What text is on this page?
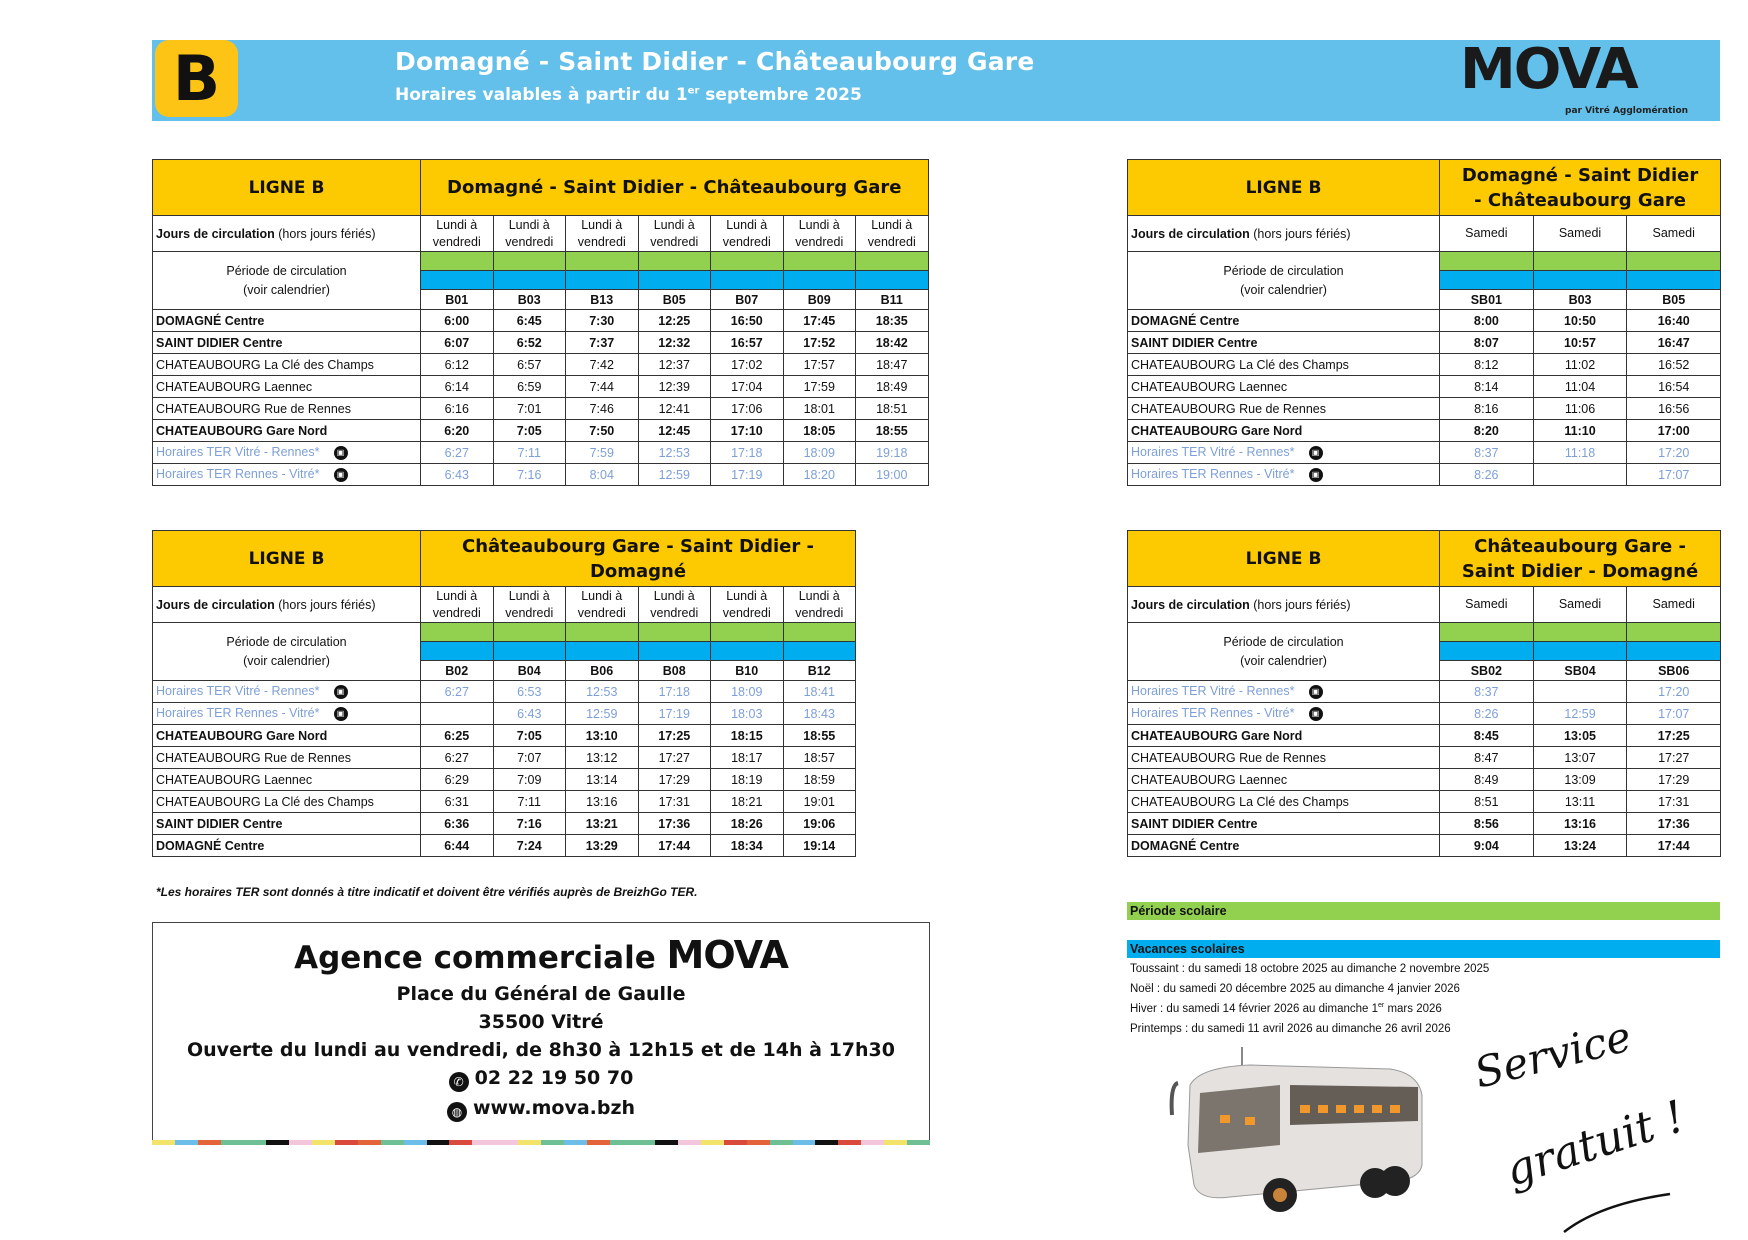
B	Domagné - Saint Didier - Châteaubourg Gare
Horaires valables à partir du 1er septembre 2025	MOVA
par Vitré Agglomération
LIGNE B	Domagné - Saint Didier - Châteaubourg Gare						
Jours de circulation (hors jours fériés)	Lundi à vendredi	Lundi à vendredi	Lundi à vendredi	Lundi à vendredi	Lundi à vendredi	Lundi à vendredi	Lundi à vendredi
Période de circulation
(voir calendrier)							

	B01	B03	B13	B05	B07	B09	B11
DOMAGNÉ Centre	6:00	6:45	7:30	12:25	16:50	17:45	18:35
SAINT DIDIER Centre	6:07	6:52	7:37	12:32	16:57	17:52	18:42
CHATEAUBOURG La Clé des Champs	6:12	6:57	7:42	12:37	17:02	17:57	18:47
CHATEAUBOURG Laennec	6:14	6:59	7:44	12:39	17:04	17:59	18:49
CHATEAUBOURG Rue de Rennes	6:16	7:01	7:46	12:41	17:06	18:01	18:51
CHATEAUBOURG Gare Nord	6:20	7:05	7:50	12:45	17:10	18:05	18:55
Horaires TER Vitré - Rennes* ▣	6:27	7:11	7:59	12:53	17:18	18:09	19:18
Horaires TER Rennes - Vitré* ▣	6:43	7:16	8:04	12:59	17:19	18:20	19:00
LIGNE B	Domagné - Saint Didier - Châteaubourg Gare		
Jours de circulation (hors jours fériés)	Samedi	Samedi	Samedi
Période de circulation
(voir calendrier)			

	SB01	B03	B05
DOMAGNÉ Centre	8:00	10:50	16:40
SAINT DIDIER Centre	8:07	10:57	16:47
CHATEAUBOURG La Clé des Champs	8:12	11:02	16:52
CHATEAUBOURG Laennec	8:14	11:04	16:54
CHATEAUBOURG Rue de Rennes	8:16	11:06	16:56
CHATEAUBOURG Gare Nord	8:20	11:10	17:00
Horaires TER Vitré - Rennes* ▣	8:37	11:18	17:20
Horaires TER Rennes - Vitré* ▣	8:26		17:07
LIGNE B	Châteaubourg Gare - Saint Didier - Domagné					
Jours de circulation (hors jours fériés)	Lundi à vendredi	Lundi à vendredi	Lundi à vendredi	Lundi à vendredi	Lundi à vendredi	Lundi à vendredi
Période de circulation
(voir calendrier)						

	B02	B04	B06	B08	B10	B12
Horaires TER Vitré - Rennes* ▣	6:27	6:53	12:53	17:18	18:09	18:41
Horaires TER Rennes - Vitré* ▣		6:43	12:59	17:19	18:03	18:43
CHATEAUBOURG Gare Nord	6:25	7:05	13:10	17:25	18:15	18:55
CHATEAUBOURG Rue de Rennes	6:27	7:07	13:12	17:27	18:17	18:57
CHATEAUBOURG Laennec	6:29	7:09	13:14	17:29	18:19	18:59
CHATEAUBOURG La Clé des Champs	6:31	7:11	13:16	17:31	18:21	19:01
SAINT DIDIER Centre	6:36	7:16	13:21	17:36	18:26	19:06
DOMAGNÉ Centre	6:44	7:24	13:29	17:44	18:34	19:14
LIGNE B	Châteaubourg Gare - Saint Didier - Domagné		
Jours de circulation (hors jours fériés)	Samedi	Samedi	Samedi
Période de circulation
(voir calendrier)			

	SB02	SB04	SB06
Horaires TER Vitré - Rennes* ▣	8:37		17:20
Horaires TER Rennes - Vitré* ▣	8:26	12:59	17:07
CHATEAUBOURG Gare Nord	8:45	13:05	17:25
CHATEAUBOURG Rue de Rennes	8:47	13:07	17:27
CHATEAUBOURG Laennec	8:49	13:09	17:29
CHATEAUBOURG La Clé des Champs	8:51	13:11	17:31
SAINT DIDIER Centre	8:56	13:16	17:36
DOMAGNÉ Centre	9:04	13:24	17:44
*Les horaires TER sont donnés à titre indicatif et doivent être vérifiés auprès de BreizhGo TER.
Agence commerciale MOVA
Place du Général de Gaulle
35500 Vitré
Ouverte du lundi au vendredi, de 8h30 à 12h15 et de 14h à 17h30
✆ 02 22 19 50 70
◍ www.mova.bzh
Période scolaire
Vacances scolaires
Toussaint : du samedi 18 octobre 2025 au dimanche 2 novembre 2025
Noël : du samedi 20 décembre 2025 au dimanche 4 janvier 2026
Hiver : du samedi 14 février 2026 au dimanche 1er mars 2026
Printemps : du samedi 11 avril 2026 au dimanche 26 avril 2026 Service
gratuit !
